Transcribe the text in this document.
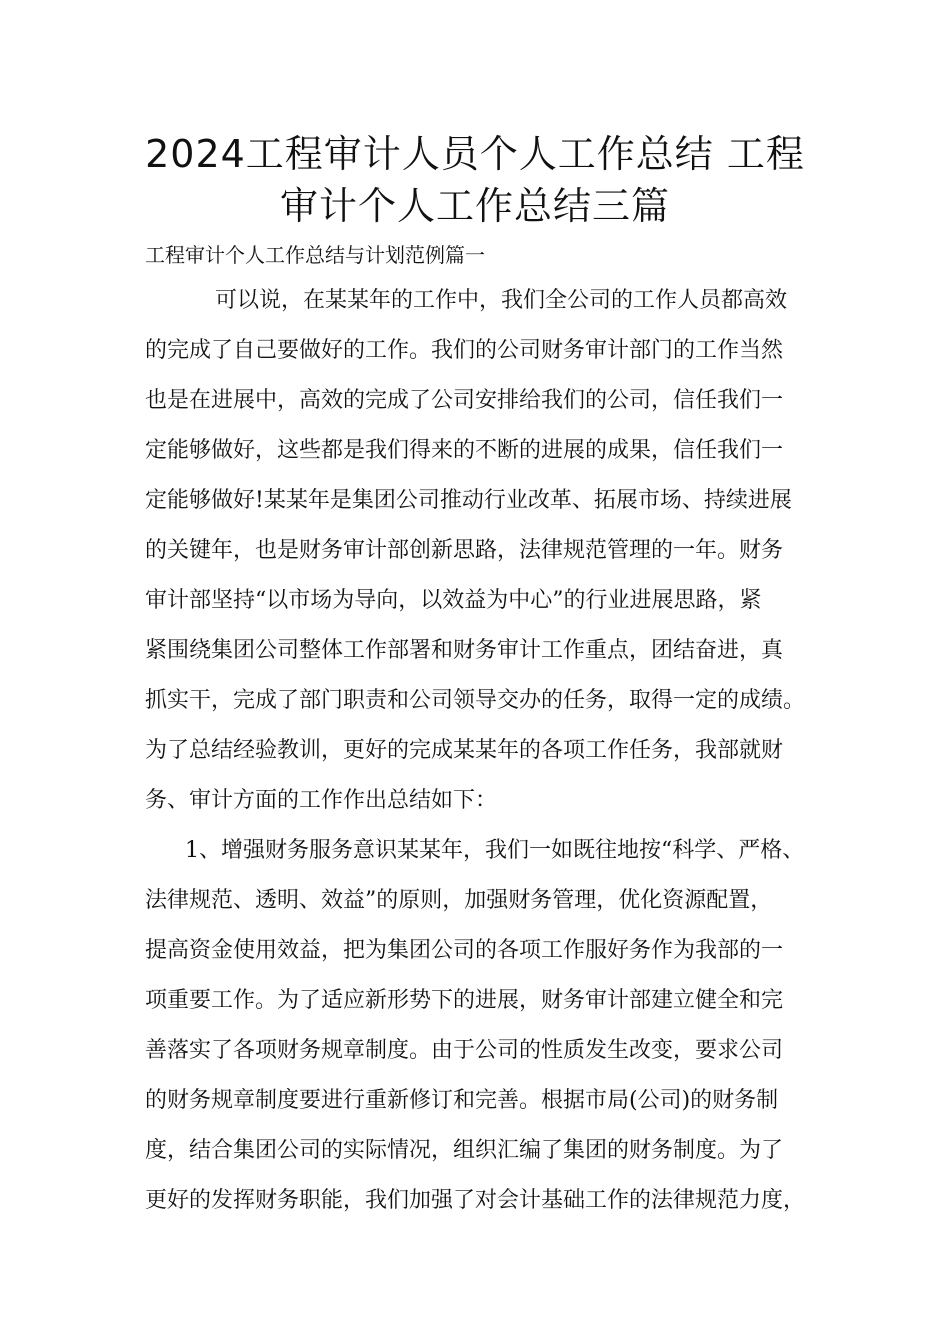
2024工程审计人员个人工作总结 工程
审计个人工作总结三篇
工程审计个人工作总结与计划范例篇一
可以说，在某某年的工作中，我们全公司的工作人员都高效
的完成了自己要做好的工作。我们的公司财务审计部门的工作当然
也是在进展中，高效的完成了公司安排给我们的公司，信任我们一
定能够做好，这些都是我们得来的不断的进展的成果，信任我们一
定能够做好!某某年是集团公司推动行业改革、拓展市场、持续进展
的关键年，也是财务审计部创新思路，法律规范管理的一年。财务
审计部坚持“以市场为导向，以效益为中心”的行业进展思路，紧
紧围绕集团公司整体工作部署和财务审计工作重点，团结奋进，真
抓实干，完成了部门职责和公司领导交办的任务，取得一定的成绩。
为了总结经验教训，更好的完成某某年的各项工作任务，我部就财
务、审计方面的工作作出总结如下：
1、增强财务服务意识某某年，我们一如既往地按“科学、严格、
法律规范、透明、效益”的原则，加强财务管理，优化资源配置，
提高资金使用效益，把为集团公司的各项工作服好务作为我部的一
项重要工作。为了适应新形势下的进展，财务审计部建立健全和完
善落实了各项财务规章制度。由于公司的性质发生改变，要求公司
的财务规章制度要进行重新修订和完善。根据市局(公司)的财务制
度，结合集团公司的实际情况，组织汇编了集团的财务制度。为了
更好的发挥财务职能，我们加强了对会计基础工作的法律规范力度，
